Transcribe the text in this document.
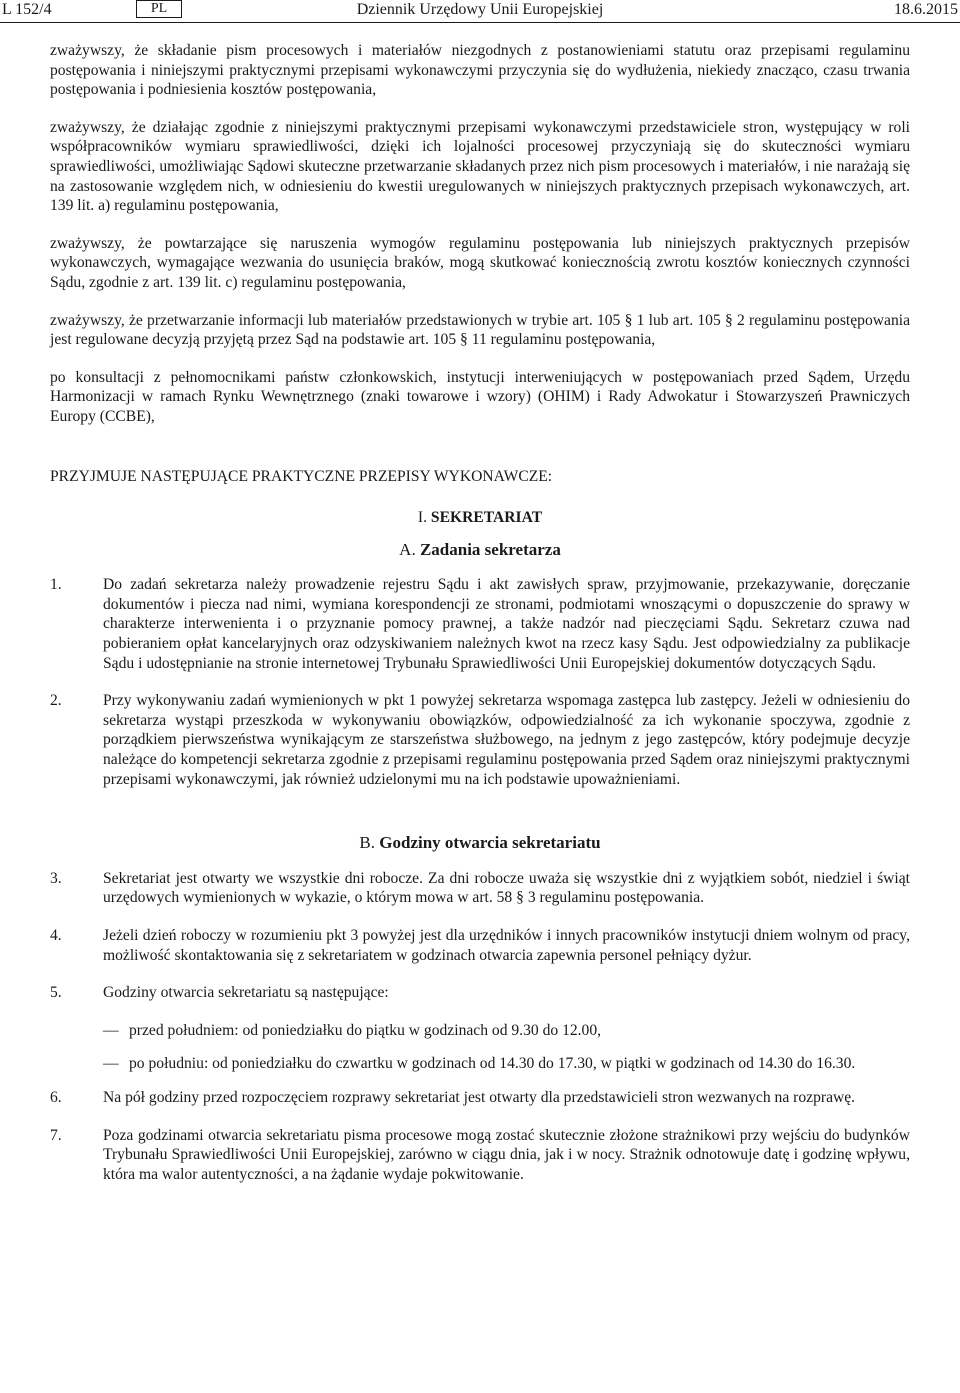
Dziennik Urzędowy Unii Europejskiej
L 152/4	PL	18.6.2015

zważywszy, że składanie pism procesowych i materiałów niezgodnych z postanowieniami statutu oraz przepisami regulaminu postępowania i niniejszymi praktycznymi przepisami wykonawczymi przyczynia się do wydłużenia, niekiedy znacząco, czasu trwania postępowania i podniesienia kosztów postępowania,

zważywszy, że działając zgodnie z niniejszymi praktycznymi przepisami wykonawczymi przedstawiciele stron, występujący w roli współpracowników wymiaru sprawiedliwości, dzięki ich lojalności procesowej przyczyniają się do skuteczności wymiaru sprawiedliwości, umożliwiając Sądowi skuteczne przetwarzanie składanych przez nich pism procesowych i materiałów, i nie narażają się na zastosowanie względem nich, w odniesieniu do kwestii uregulowanych w niniejszych praktycznych przepisach wykonawczych, art. 139 lit. a) regulaminu postępowania,

zważywszy, że powtarzające się naruszenia wymogów regulaminu postępowania lub niniejszych praktycznych przepisów wykonawczych, wymagające wezwania do usunięcia braków, mogą skutkować koniecznością zwrotu kosztów koniecznych czynności Sądu, zgodnie z art. 139 lit. c) regulaminu postępowania,

zważywszy, że przetwarzanie informacji lub materiałów przedstawionych w trybie art. 105 § 1 lub art. 105 § 2 regulaminu postępowania jest regulowane decyzją przyjętą przez Sąd na podstawie art. 105 § 11 regulaminu postępowania,

po konsultacji z pełnomocnikami państw członkowskich, instytucji interweniujących w postępowaniach przed Sądem, Urzędu Harmonizacji w ramach Rynku Wewnętrznego (znaki towarowe i wzory) (OHIM) i Rady Adwokatur i Stowarzyszeń Prawniczych Europy (CCBE),

PRZYJMUJE NASTĘPUJĄCE PRAKTYCZNE PRZEPISY WYKONAWCZE:

I. SEKRETARIAT
A. Zadania sekretarza
1.	Do zadań sekretarza należy prowadzenie rejestru Sądu i akt zawisłych spraw, przyjmowanie, przekazywanie, doręczanie dokumentów i piecza nad nimi, wymiana korespondencji ze stronami, podmiotami wnoszącymi o dopuszczenie do sprawy w charakterze interwenienta i o przyznanie pomocy prawnej, a także nadzór nad pieczęciami Sądu. Sekretarz czuwa nad pobieraniem opłat kancelaryjnych oraz odzyskiwaniem należnych kwot na rzecz kasy Sądu. Jest odpowiedzialny za publikacje Sądu i udostępnianie na stronie internetowej Trybunału Sprawiedliwości Unii Europejskiej dokumentów dotyczących Sądu.
2.	Przy wykonywaniu zadań wymienionych w pkt 1 powyżej sekretarza wspomaga zastępca lub zastępcy. Jeżeli w odniesieniu do sekretarza wystąpi przeszkoda w wykonywaniu obowiązków, odpowiedzialność za ich wykonanie spoczywa, zgodnie z porządkiem pierwszeństwa wynikającym ze starszeństwa służbowego, na jednym z jego zastępców, który podejmuje decyzje należące do kompetencji sekretarza zgodnie z przepisami regulaminu postępowania przed Sądem oraz niniejszymi praktycznymi przepisami wykonawczymi, jak również udzielonymi mu na ich podstawie upoważnieniami.
B. Godziny otwarcia sekretariatu
3.	Sekretariat jest otwarty we wszystkie dni robocze. Za dni robocze uważa się wszystkie dni z wyjątkiem sobót, niedziel i świąt urzędowych wymienionych w wykazie, o którym mowa w art. 58 § 3 regulaminu postępowania.
4.	Jeżeli dzień roboczy w rozumieniu pkt 3 powyżej jest dla urzędników i innych pracowników instytucji dniem wolnym od pracy, możliwość skontaktowania się z sekretariatem w godzinach otwarcia zapewnia personel pełniący dyżur.
5.	Godziny otwarcia sekretariatu są następujące:
— przed południem: od poniedziałku do piątku w godzinach od 9.30 do 12.00,
— po południu: od poniedziałku do czwartku w godzinach od 14.30 do 17.30, w piątki w godzinach od 14.30 do 16.30.
6.	Na pół godziny przed rozpoczęciem rozprawy sekretariat jest otwarty dla przedstawicieli stron wezwanych na rozprawę.
7.	Poza godzinami otwarcia sekretariatu pisma procesowe mogą zostać skutecznie złożone strażnikowi przy wejściu do budynków Trybunału Sprawiedliwości Unii Europejskiej, zarówno w ciągu dnia, jak i w nocy. Strażnik odnotowuje datę i godzinę wpływu, która ma walor autentyczności, a na żądanie wydaje pokwitowanie.
